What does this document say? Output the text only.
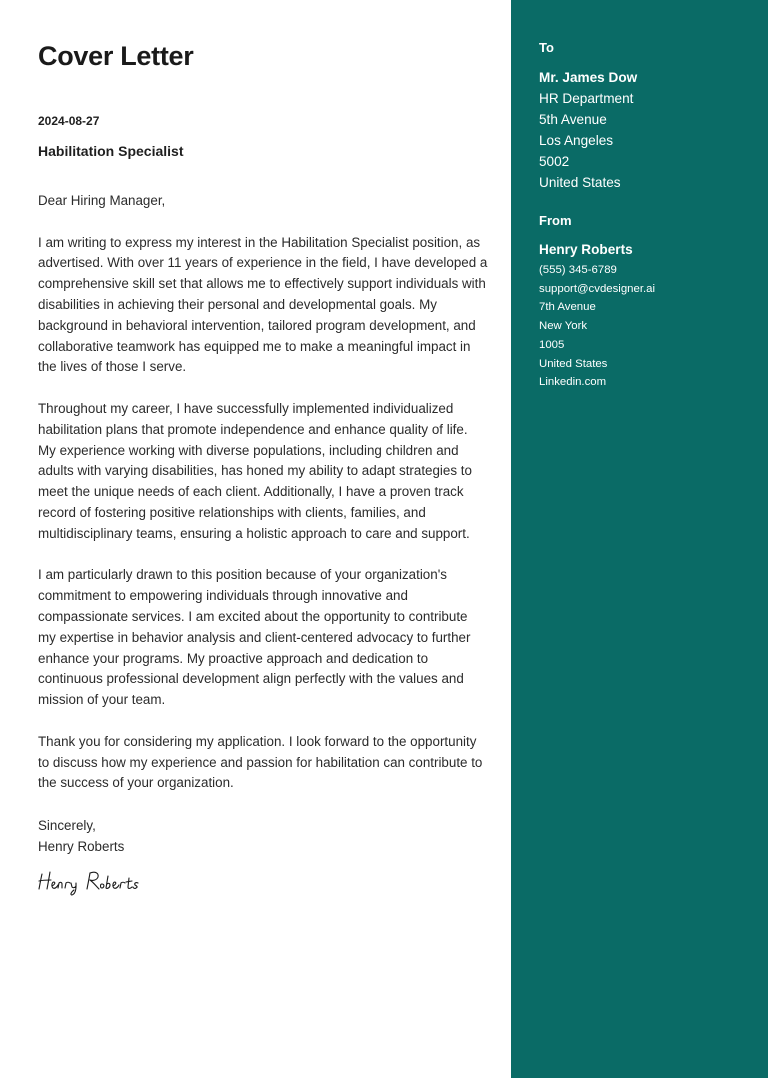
Cover Letter
2024-08-27
Habilitation Specialist

Dear Hiring Manager,

I am writing to express my interest in the Habilitation Specialist position, as advertised. With over 11 years of experience in the field, I have developed a comprehensive skill set that allows me to effectively support individuals with disabilities in achieving their personal and developmental goals. My background in behavioral intervention, tailored program development, and collaborative teamwork has equipped me to make a meaningful impact in the lives of those I serve.

Throughout my career, I have successfully implemented individualized habilitation plans that promote independence and enhance quality of life. My experience working with diverse populations, including children and adults with varying disabilities, has honed my ability to adapt strategies to meet the unique needs of each client. Additionally, I have a proven track record of fostering positive relationships with clients, families, and multidisciplinary teams, ensuring a holistic approach to care and support.

I am particularly drawn to this position because of your organization's commitment to empowering individuals through innovative and compassionate services. I am excited about the opportunity to contribute my expertise in behavior analysis and client-centered advocacy to further enhance your programs. My proactive approach and dedication to continuous professional development align perfectly with the values and mission of your team.

Thank you for considering my application. I look forward to the opportunity to discuss how my experience and passion for habilitation can contribute to the success of your organization.

Sincerely,
Henry Roberts
To
Mr. James Dow
HR Department
5th Avenue
Los Angeles
5002
United States
From
Henry Roberts
(555) 345-6789
support@cvdesigner.ai
7th Avenue
New York
1005
United States
Linkedin.com
